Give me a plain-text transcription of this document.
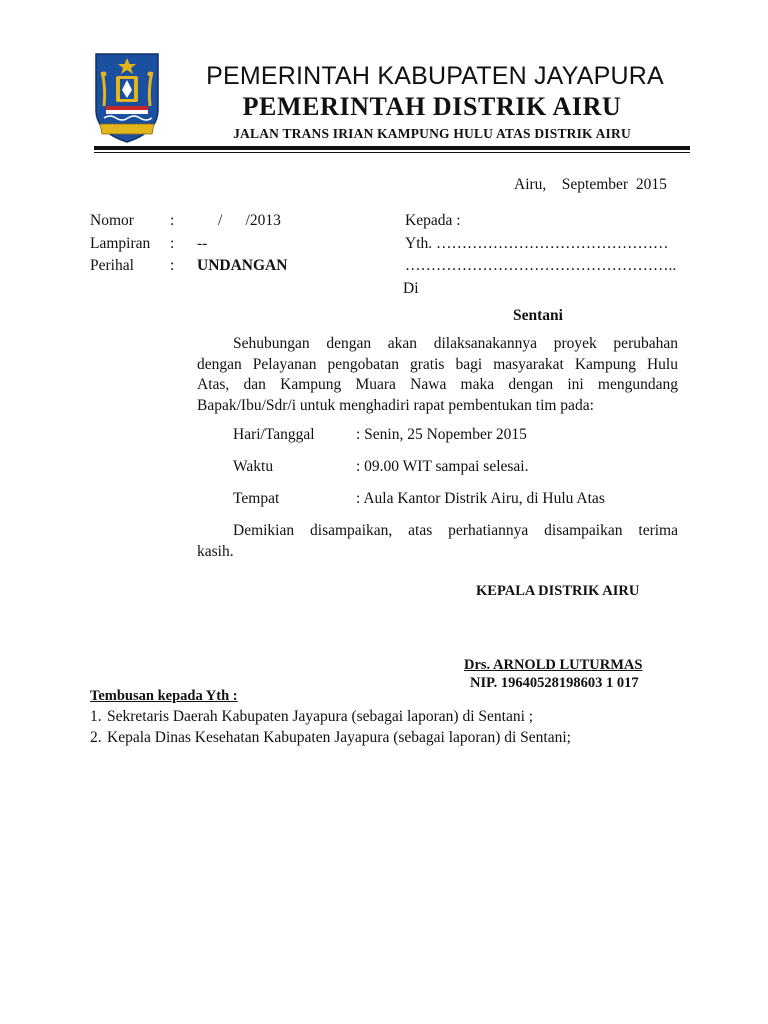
PEMERINTAH KABUPATEN JAYAPURA
PEMERINTAH DISTRIK AIRU
JALAN TRANS IRIAN KAMPUNG HULU ATAS DISTRIK AIRU
Airu,    September  2015
Nomor :	/      /2013
Lampiran : --
Perihal : UNDANGAN
Kepada :
Yth. ………………………………………
……………………………………………..
Di
Sentani
Sehubungan dengan akan dilaksanakannya proyek perubahan
dengan Pelayanan pengobatan gratis bagi masyarakat Kampung Hulu
Atas, dan Kampung Muara Nawa maka dengan ini mengundang
Bapak/Ibu/Sdr/i untuk menghadiri rapat pembentukan tim pada:
Hari/Tanggal	: Senin, 25 Nopember 2015
Waktu	: 09.00 WIT sampai selesai.
Tempat	: Aula Kantor Distrik Airu, di Hulu Atas
Demikian disampaikan, atas perhatiannya disampaikan terima
kasih.
KEPALA DISTRIK AIRU
Drs. ARNOLD LUTURMAS
NIP. 19640528198603 1 017
Tembusan kepada Yth :
1. Sekretaris Daerah Kabupaten Jayapura (sebagai laporan) di Sentani ;
2. Kepala Dinas Kesehatan Kabupaten Jayapura (sebagai laporan) di Sentani;
